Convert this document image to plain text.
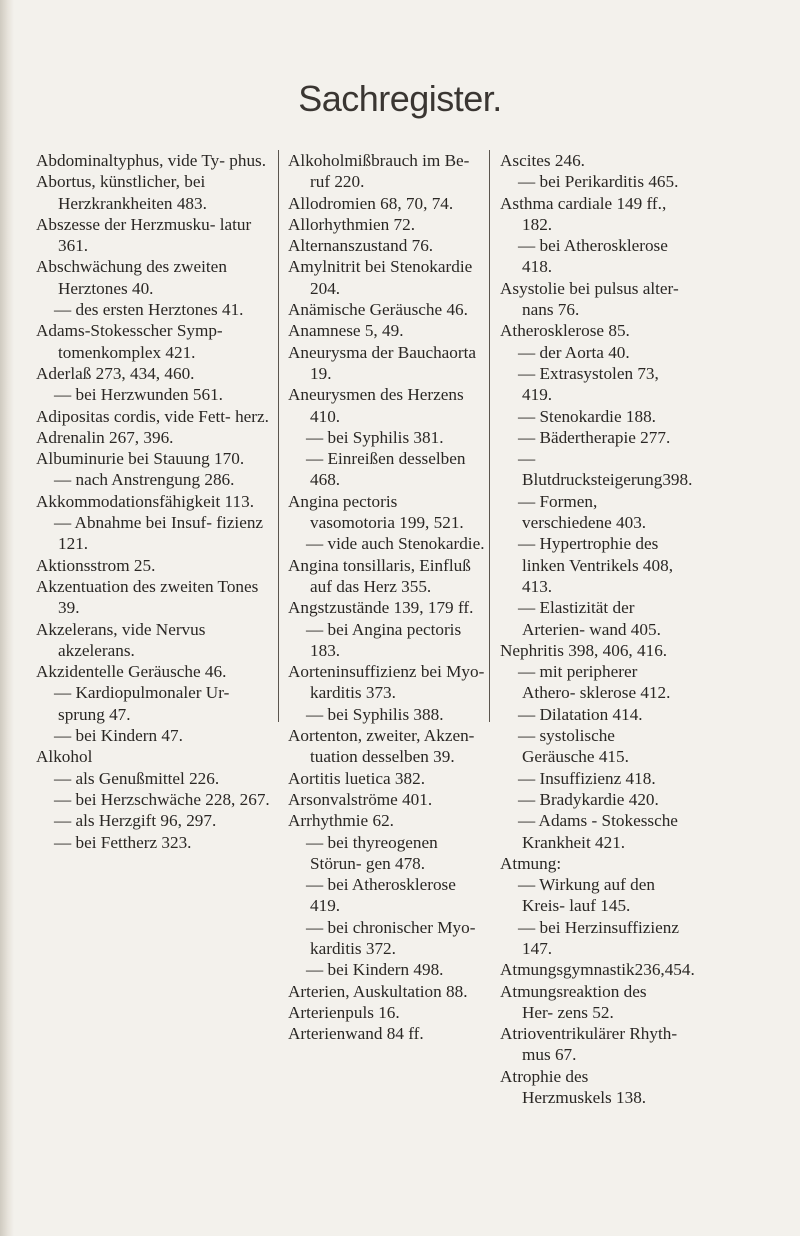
Sachregister.

Abdominaltyphus, vide Ty- phus.

Abortus, künstlicher, bei Herzkrankheiten 483.

Abszesse der Herzmusku- latur 361.

Abschwächung des zweiten Herztones 40.

— des ersten Herztones 41.

Adams-Stokesscher Symp- tomenkomplex 421.

Aderlaß 273, 434, 460.

— bei Herzwunden 561.

Adipositas cordis, vide Fett- herz.

Adrenalin 267, 396.

Albuminurie bei Stauung 170.

— nach Anstrengung 286.

Akkommodationsfähigkeit 113.

— Abnahme bei Insuf- fizienz 121.

Aktionsstrom 25.

Akzentuation des zweiten Tones 39.

Akzelerans, vide Nervus akzelerans.

Akzidentelle Geräusche 46.

— Kardiopulmonaler Ur- sprung 47.

— bei Kindern 47.

Alkohol

— als Genußmittel 226.

— bei Herzschwäche 228, 267.

— als Herzgift 96, 297.

— bei Fettherz 323.

Alkoholmißbrauch im Be- ruf 220.

Allodromien 68, 70, 74.

Allorhythmien 72.

Alternanszustand 76.

Amylnitrit bei Stenokardie 204.

Anämische Geräusche 46.

Anamnese 5, 49.

Aneurysma der Bauchaorta 19.

Aneurysmen des Herzens 410.

— bei Syphilis 381.

— Einreißen desselben 468.

Angina pectoris vasomotoria 199, 521.

— vide auch Stenokardie.

Angina tonsillaris, Einfluß auf das Herz 355.

Angstzustände 139, 179 ff.

— bei Angina pectoris 183.

Aorteninsuffizienz bei Myo- karditis 373.

— bei Syphilis 388.

Aortenton, zweiter, Akzen- tuation desselben 39.

Aortitis luetica 382.

Arsonvalströme 401.

Arrhythmie 62.

— bei thyreogenen Störun- gen 478.

— bei Atherosklerose 419.

— bei chronischer Myo- karditis 372.

— bei Kindern 498.

Arterien, Auskultation 88.

Arterienpuls 16.

Arterienwand 84 ff.

Ascites 246.

— bei Perikarditis 465.

Asthma cardiale 149 ff., 182.

— bei Atherosklerose 418.

Asystolie bei pulsus alter- nans 76.

Atherosklerose 85.

— der Aorta 40.

— Extrasystolen 73, 419.

— Stenokardie 188.

— Bädertherapie 277.

— Blutdrucksteigerung398.

— Formen, verschiedene 403.

— Hypertrophie des linken Ventrikels 408, 413.

— Elastizität der Arterien- wand 405.

Nephritis 398, 406, 416.

— mit peripherer Athero- sklerose 412.

— Dilatation 414.

— systolische Geräusche 415.

— Insuffizienz 418.

— Bradykardie 420.

— Adams - Stokessche Krankheit 421.

Atmung:

— Wirkung auf den Kreis- lauf 145.

— bei Herzinsuffizienz 147.

Atmungsgymnastik236,454.

Atmungsreaktion des Her- zens 52.

Atrioventrikulärer Rhyth- mus 67.

Atrophie des Herzmuskels 138.
